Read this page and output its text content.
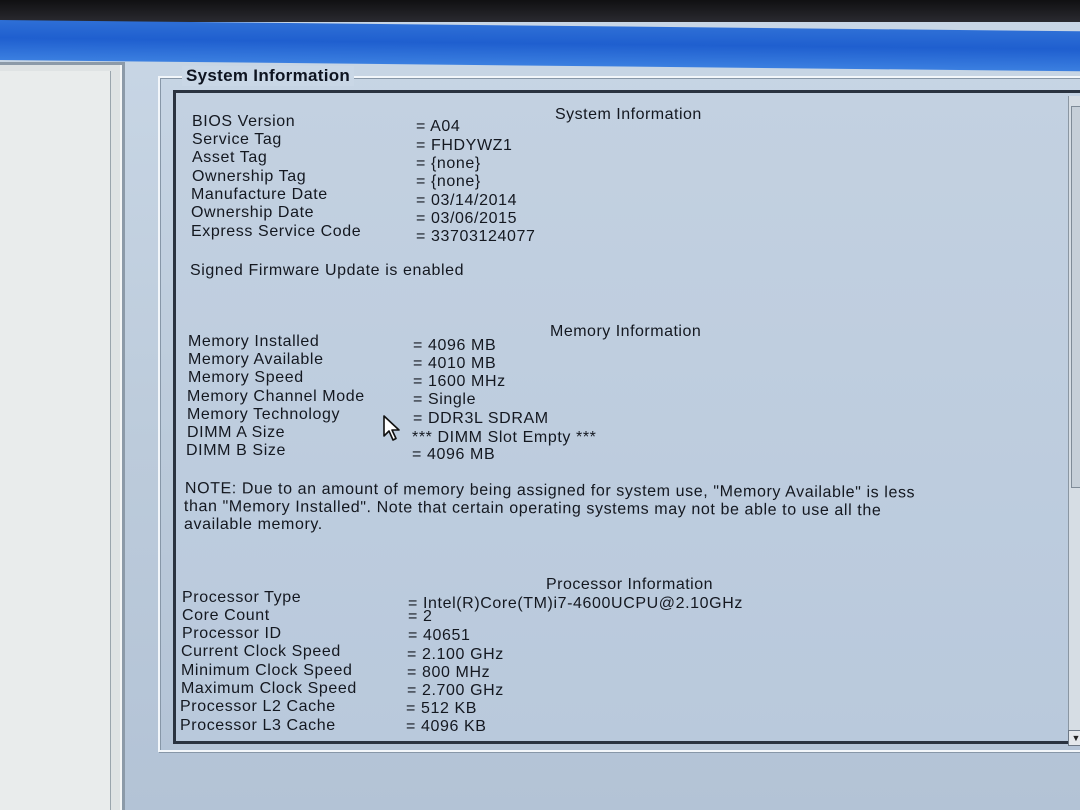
System Information
▼
System Information
BIOS Version	= A04
Service Tag	= FHDYWZ1
Asset Tag	= {none}
Ownership Tag	= {none}
Manufacture Date	= 03/14/2014
Ownership Date	= 03/06/2015
Express Service Code	= 33703124077
Signed Firmware Update is enabled
Memory Information
Memory Installed	= 4096 MB
Memory Available	= 4010 MB
Memory Speed	= 1600 MHz
Memory Channel Mode	= Single
Memory Technology	= DDR3L SDRAM
DIMM A Size	*** DIMM Slot Empty ***
DIMM B Size	= 4096 MB
NOTE: Due to an amount of memory being assigned for system use, "Memory Available" is less
than "Memory Installed". Note that certain operating systems may not be able to use all the
available memory.
Processor Information
Processor Type	= Intel(R)Core(TM)i7-4600UCPU@2.10GHz
Core Count	= 2
Processor ID	= 40651
Current Clock Speed	= 2.100 GHz
Minimum Clock Speed	= 800 MHz
Maximum Clock Speed	= 2.700 GHz
Processor L2 Cache	= 512 KB
Processor L3 Cache	= 4096 KB
